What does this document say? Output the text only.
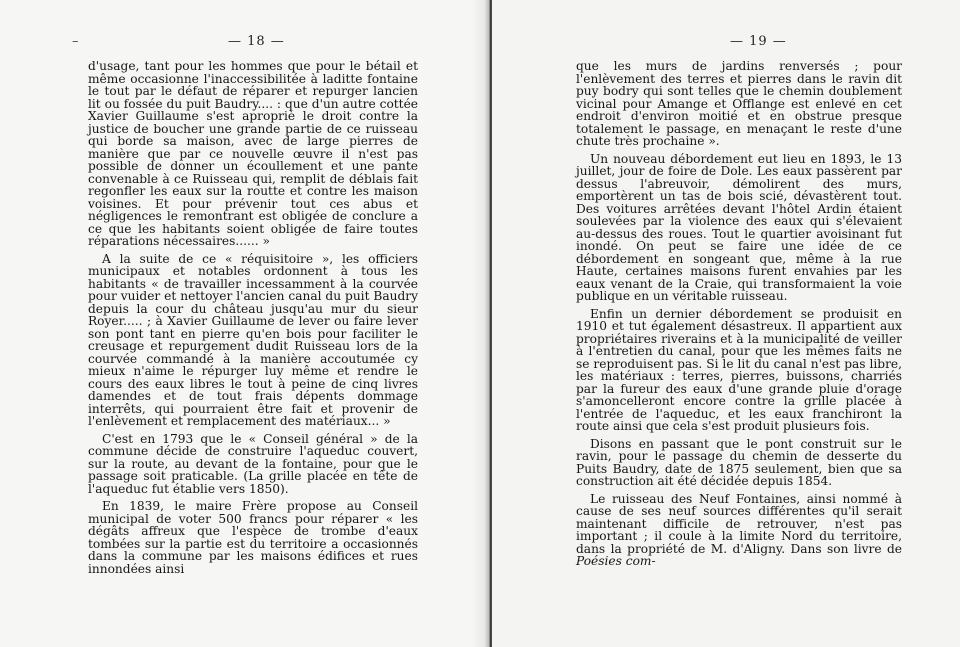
–	— 18 —

d'usage, tant pour les hommes que pour le bétail et même occasionne l'inaccessibilitée à laditte fontaine le tout par le défaut de réparer et repurger lancien lit ou fossée du puit Baudry.... : que d'un autre cottée Xavier Guillaume s'est apropriè le droit contre la justice de boucher une grande partie de ce ruisseau qui borde sa maison, avec de large pierres de manière que par ce nouvelle œuvre il n'est pas possible de donner un écoullement et une pante convenable à ce Ruisseau qui, remplit de déblais fait regonfler les eaux sur la routte et contre les maison voisines. Et pour prévenir tout ces abus et négligences le remontrant est obligée de conclure a ce que les habitants soient obligée de faire toutes réparations nécessaires...... »

A la suite de ce « réquisitoire », les officiers municipaux et notables ordonnent à tous les habitants « de travailler incessamment à la courvée pour vuider et nettoyer l'ancien canal du puit Baudry depuis la cour du château jusqu'au mur du sieur Royer..... ; à Xavier Guillaume de lever ou faire lever son pont tant en pierre qu'en bois pour faciliter le creusage et repurgement dudit Ruisseau lors de la courvée commandé à la manière accoutumée cy mieux n'aime le répurger luy même et rendre le cours des eaux libres le tout à peine de cinq livres damendes et de tout frais dépents dommage interrêts, qui pourraient être fait et provenir de l'enlèvement et remplacement des matériaux... »

C'est en 1793 que le « Conseil général » de la commune décide de construire l'aqueduc couvert, sur la route, au devant de la fontaine, pour que le passage soit praticable. (La grille placée en tête de l'aqueduc fut établie vers 1850).

En 1839, le maire Frère propose au Conseil municipal de voter 500 francs pour réparer « les dégâts affreux que l'espèce de trombe d'eaux tombées sur la partie est du territoire a occasionnés dans la commune par les maisons édifices et rues innondées ainsi

— 19 —

que les murs de jardins renversés ; pour l'enlèvement des terres et pierres dans le ravin dit puy bodry qui sont telles que le chemin doublement vicinal pour Amange et Offlange est enlevé en cet endroit d'environ moitié et en obstrue presque totalement le passage, en menaçant le reste d'une chute très prochaine ».

Un nouveau débordement eut lieu en 1893, le 13 juillet, jour de foire de Dole. Les eaux passèrent par dessus l'abreuvoir, démolirent des murs, emportèrent un tas de bois scié, dévastèrent tout. Des voitures arrêtées devant l'hôtel Ardin étaient soulevées par la violence des eaux qui s'élevaient au-dessus des roues. Tout le quartier avoisinant fut inondé. On peut se faire une idée de ce débordement en songeant que, même à la rue Haute, certaines maisons furent envahies par les eaux venant de la Craie, qui transformaient la voie publique en un véritable ruisseau.

Enfin un dernier débordement se produisit en 1910 et tut également désastreux. Il appartient aux propriétaires riverains et à la municipalité de veiller à l'entretien du canal, pour que les mêmes faits ne se reproduisent pas. Si le lit du canal n'est pas libre, les matériaux : terres, pierres, buissons, charriés par la fureur des eaux d'une grande pluie d'orage s'amoncelleront encore contre la grille placée à l'entrée de l'aqueduc, et les eaux franchiront la route ainsi que cela s'est produit plusieurs fois.

Disons en passant que le pont construit sur le ravin, pour le passage du chemin de desserte du Puits Baudry, date de 1875 seulement, bien que sa construction ait été décidée depuis 1854.

Le ruisseau des Neuf Fontaines, ainsi nommé à cause de ses neuf sources différentes qu'il serait maintenant difficile de retrouver, n'est pas important ; il coule à la limite Nord du territoire, dans la propriété de M. d'Aligny. Dans son livre de Poésies com-
